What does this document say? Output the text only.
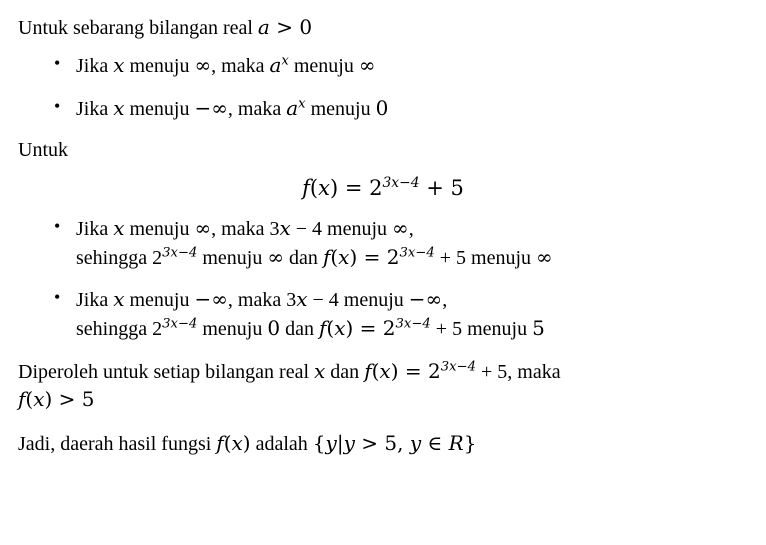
Untuk sebarang bilangan real a > 0

• Jika x menuju ∞, maka $a^x$ menuju ∞
• Jika x menuju −∞, maka $a^x$ menuju 0

Untuk

$f(x) = 2^{3x-4} + 5$
• Jika x menuju ∞, maka 3x − 4 menuju ∞,
sehingga $2^{3x-4}$ menuju ∞ dan $f(x) = 2^{3x-4} + 5$ menuju ∞
• Jika x menuju −∞, maka 3x − 4 menuju −∞,
sehingga $2^{3x-4}$ menuju 0 dan $f(x) = 2^{3x-4} + 5$ menuju 5

Diperoleh untuk setiap bilangan real x dan $f(x) = 2^{3x-4} + 5$, maka
f(x) > 5

Jadi, daerah hasil fungsi f(x) adalah {y|y > 5, y ∈ R}
